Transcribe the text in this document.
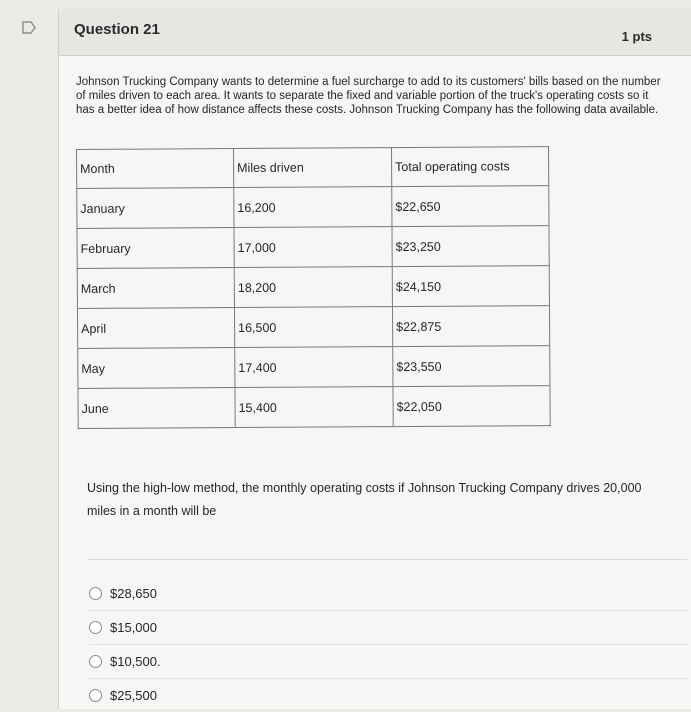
Question 21	1 pts
Johnson Trucking Company wants to determine a fuel surcharge to add to its customers' bills based on the number of miles driven to each area. It wants to separate the fixed and variable portion of the truck's operating costs so it has a better idea of how distance affects these costs. Johnson Trucking Company has the following data available.
Month	Miles driven	Total operating costs
January	16,200	$22,650
February	17,000	$23,250
March	18,200	$24,150
April	16,500	$22,875
May	17,400	$23,550
June	15,400	$22,050
Using the high-low method, the monthly operating costs if Johnson Trucking Company drives 20,000 miles in a month will be
$28,650
$15,000
$10,500.
$25,500
